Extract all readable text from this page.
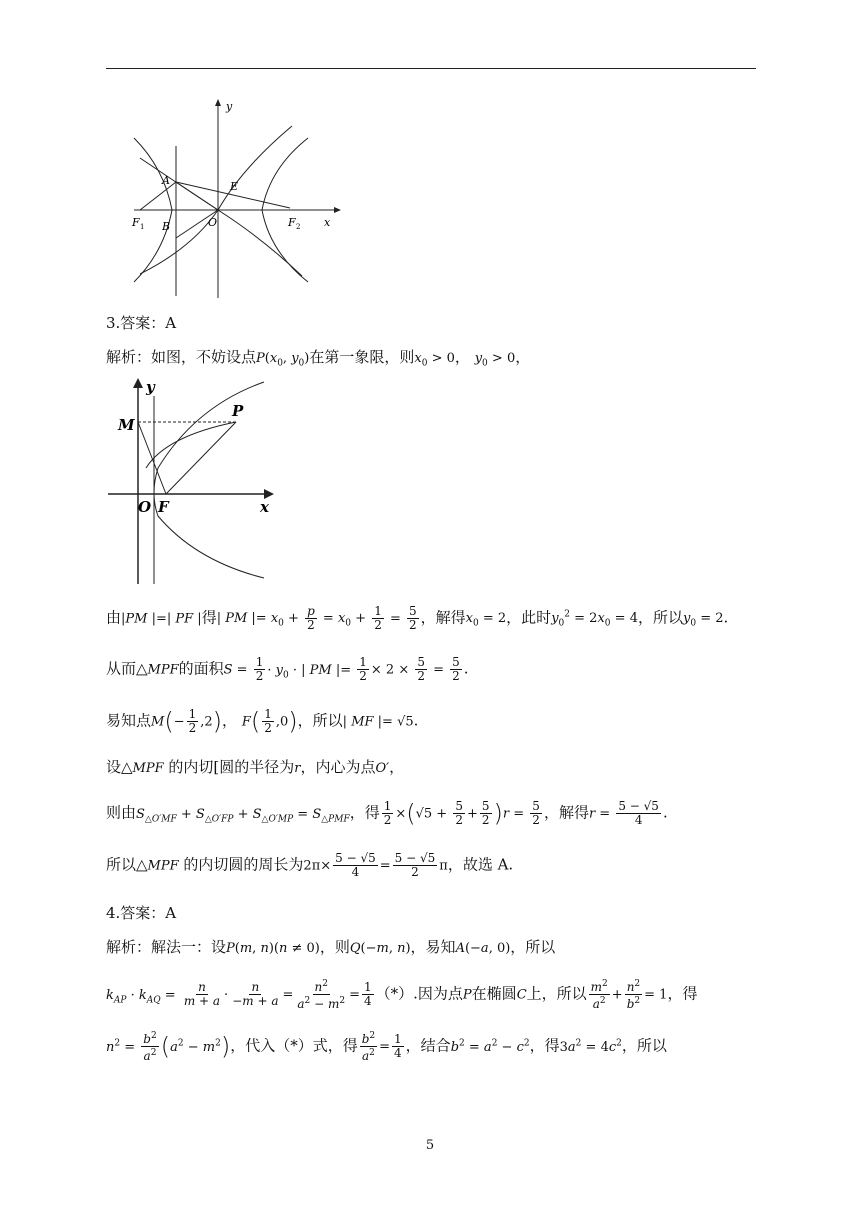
y
x
A	E
F 1	O	F 2
B
3.答案：A
解析：如图，不妨设点$P(x_0$, $y_0$)在第一象限，则$x_0 > 0$， $y_0 > 0$，
y
M
P
O F	x
由|PM |=| PF |得| PM |= $x_0 + \frac{p}{2} = x_0 + \frac{1}{2} = \frac{5}{2}$ ，解得$x_0 = 2$，此时$y_0^2 = 2x_0 = 4$，所以$y_0 = 2$.
从而△MPF的面积$S = \frac{1}{2} \cdot y_0$ · | PM |= $\frac{1}{2} \times 2 \times \frac{5}{2} = \frac{5}{2}$ .
易知点$M(- \frac{1}{2} ,2)$， $F( \frac{1}{2} ,0)$，所以| MF |= √5.
设△MPF 的内切[圆的半径为r，内心为点O′，
则由$S_{\triangle O'MF} + S_{\triangle O'FP} + S_{\triangle O'MP} = S_{\triangle PMF}$，得 $\frac{1}{2} \times(√5 + \frac{5}{2} + \frac{5}{2} )r = \frac{5}{2}$ ，解得$r = \frac{5 - √5}{4}$ .
所以△MPF 的内切圆的周长为$2\pi\times \frac{5 - √5}{4} = \frac{5 - √5}{2}$ π，故选 A.
4.答案：A
解析：解法一：设P(m, n)(n ≠ 0)，则Q(−m, n)，易知A(−a, 0)，所以
$k_{AP} \cdot k_{AQ} = \frac{n}{m + a} \cdot \frac{n}{-m + a} = \frac{n^2}{a^2 - m^2} = \frac{1}{4}$ （*）.因为点P在椭圆C上，所以 $\frac{m^2}{a^2} + \frac{n^2}{b^2} = 1$，得
$n^2 = \frac{b^2}{a^2} (a^2 - m^2)$，代入（*）式，得 $\frac{b^2}{a^2} = \frac{1}{4}$ ，结合$b^2 = a^2 - c^2$，得$3a^2 = 4c^2$，所以
5
